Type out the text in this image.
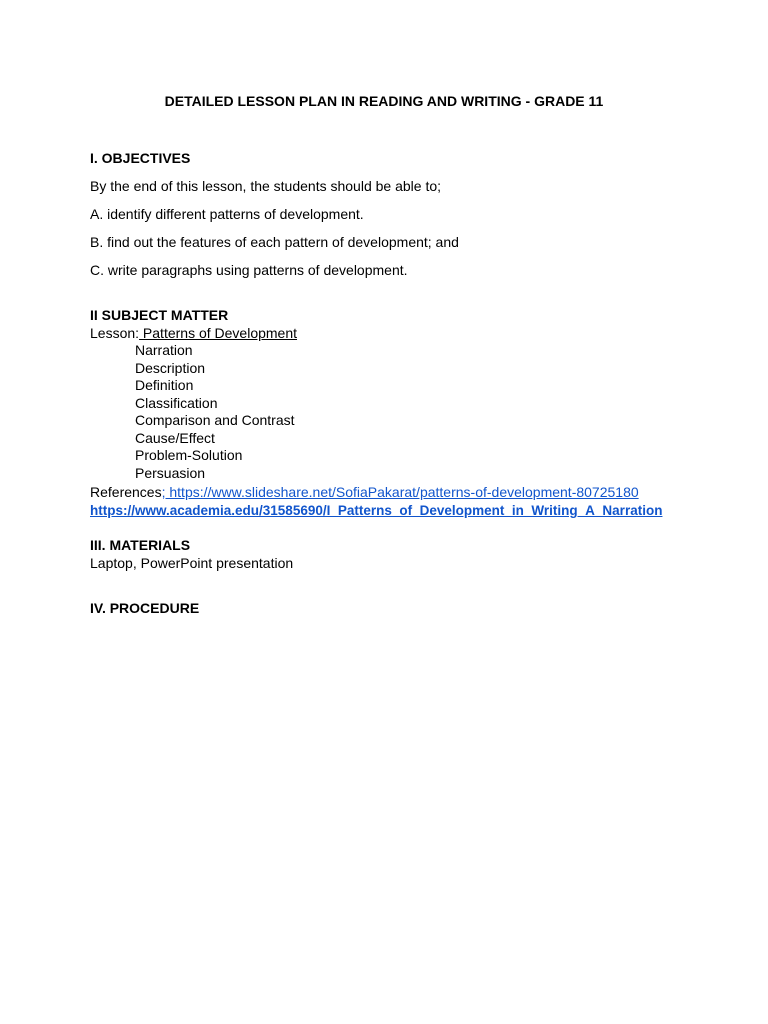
DETAILED LESSON PLAN IN READING AND WRITING - GRADE 11
I. OBJECTIVES
By the end of this lesson, the students should be able to;
A. identify different patterns of development.
B. find out the features of each pattern of development; and
C. write paragraphs using patterns of development.
II SUBJECT MATTER
Lesson: Patterns of Development
Narration
Description
Definition
Classification
Comparison and Contrast
Cause/Effect
Problem-Solution
Persuasion
References; https://www.slideshare.net/SofiaPakarat/patterns-of-development-80725180
https://www.academia.edu/31585690/I_Patterns_of_Development_in_Writing_A_Narration
III. MATERIALS
Laptop, PowerPoint presentation
IV. PROCEDURE
